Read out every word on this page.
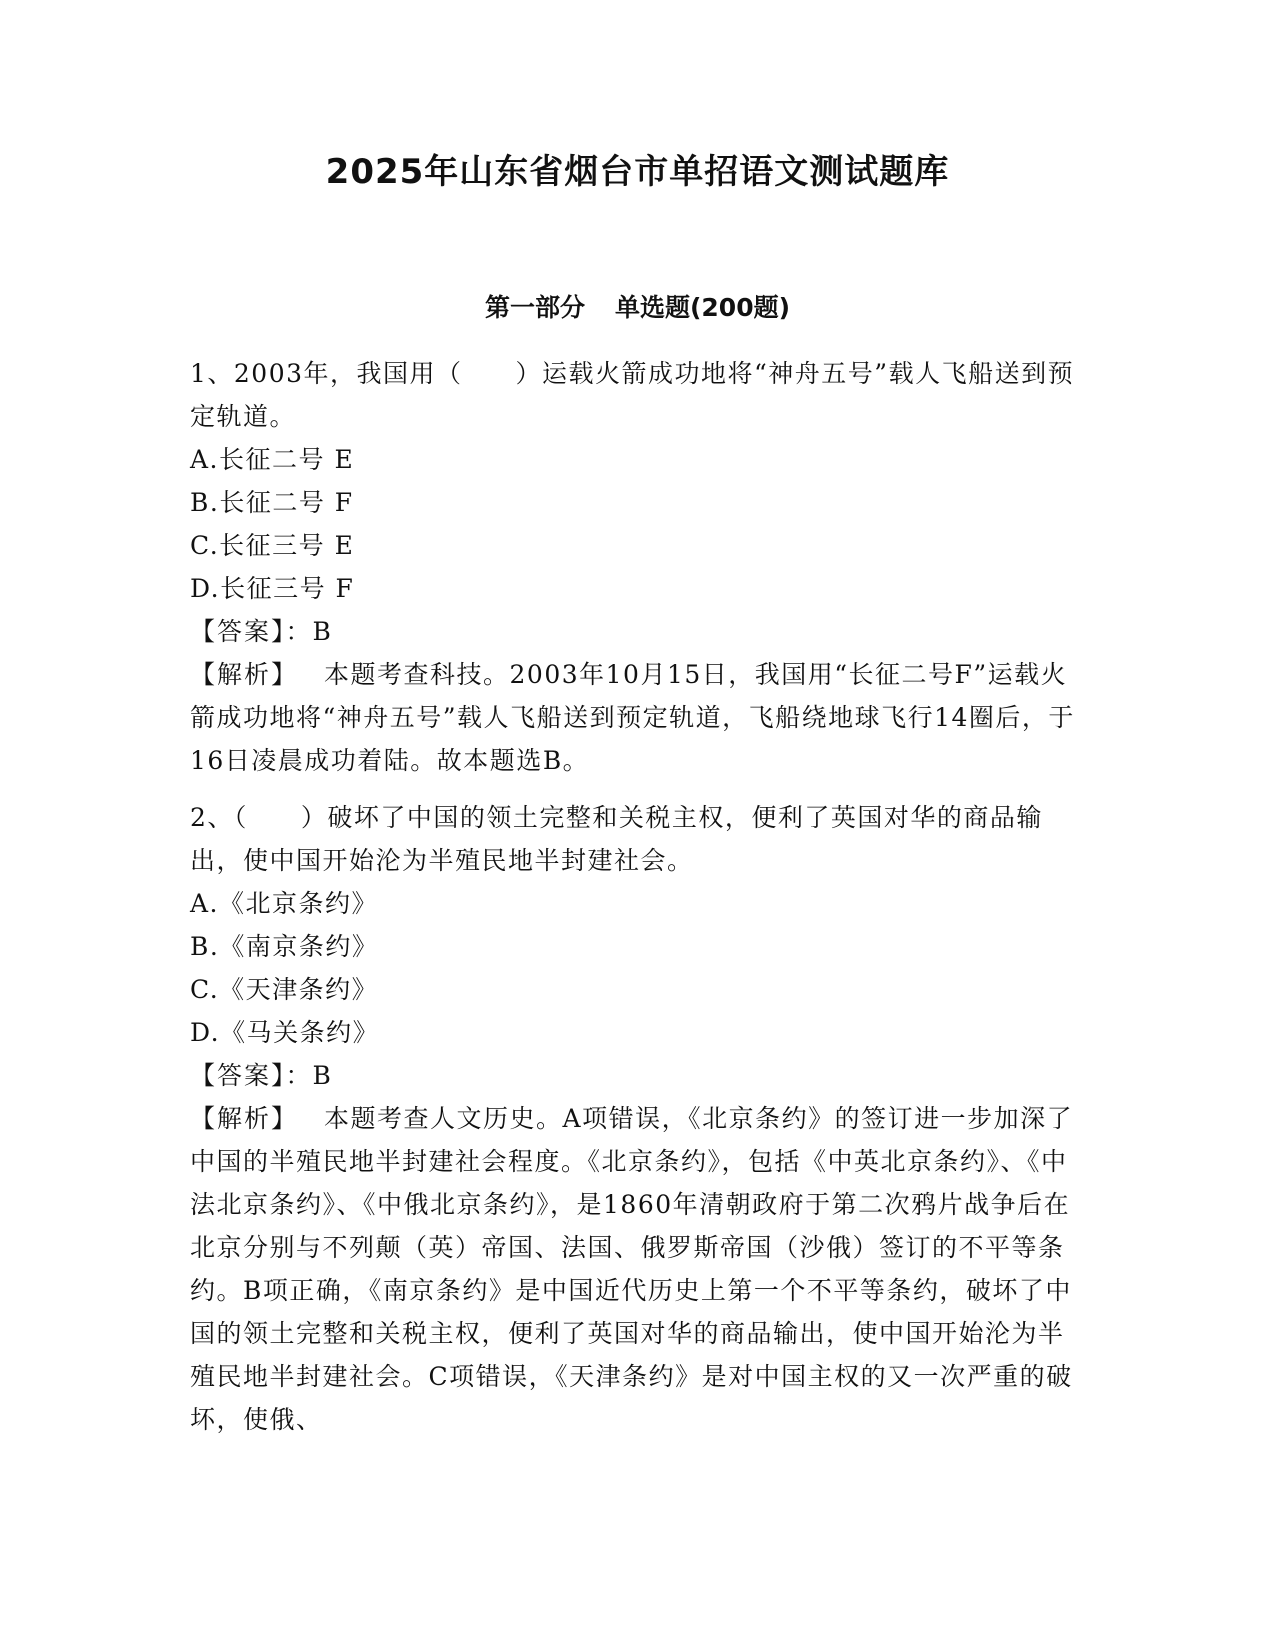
2025年山东省烟台市单招语文测试题库
第一部分 单选题(200题)

1、2003年，我国用（　　）运载火箭成功地将“神舟五号”载人飞船送到预定轨道。

A.长征二号 E

B.长征二号 F

C.长征三号 E

D.长征三号 F

【答案】：B

【解析】 本题考查科技。2003年10月15日，我国用“长征二号F”运载火箭成功地将“神舟五号”载人飞船送到预定轨道，飞船绕地球飞行14圈后，于16日凌晨成功着陆。故本题选B。

2、（　　）破坏了中国的领土完整和关税主权，便利了英国对华的商品输出，使中国开始沦为半殖民地半封建社会。

A.《北京条约》

B.《南京条约》

C.《天津条约》

D.《马关条约》

【答案】：B

【解析】 本题考查人文历史。A项错误，《北京条约》的签订进一步加深了中国的半殖民地半封建社会程度。《北京条约》，包括《中英北京条约》、《中法北京条约》、《中俄北京条约》，是1860年清朝政府于第二次鸦片战争后在北京分别与不列颠（英）帝国、法国、俄罗斯帝国（沙俄）签订的不平等条约。B项正确，《南京条约》是中国近代历史上第一个不平等条约，破坏了中国的领土完整和关税主权，便利了英国对华的商品输出，使中国开始沦为半殖民地半封建社会。C项错误，《天津条约》是对中国主权的又一次严重的破坏，使俄、
